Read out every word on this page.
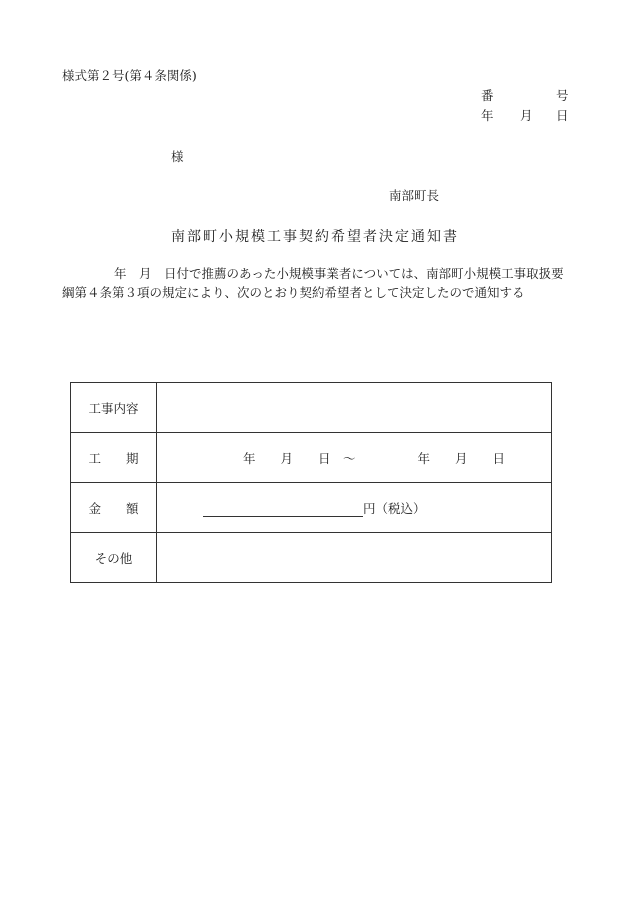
様式第２号(第４条関係)
番	号
年 月 日
様
南部町長
南部町小規模工事契約希望者決定通知書
年　月　日付で推薦のあった小規模事業者については、南部町小規模工事取扱要綱第４条第３項の規定により、次のとおり契約希望者として決定したので通知する
工事内容	
工　　期	年　　月　　日　～ 年　　月　　日

金　　額	円（税込）
その他	
